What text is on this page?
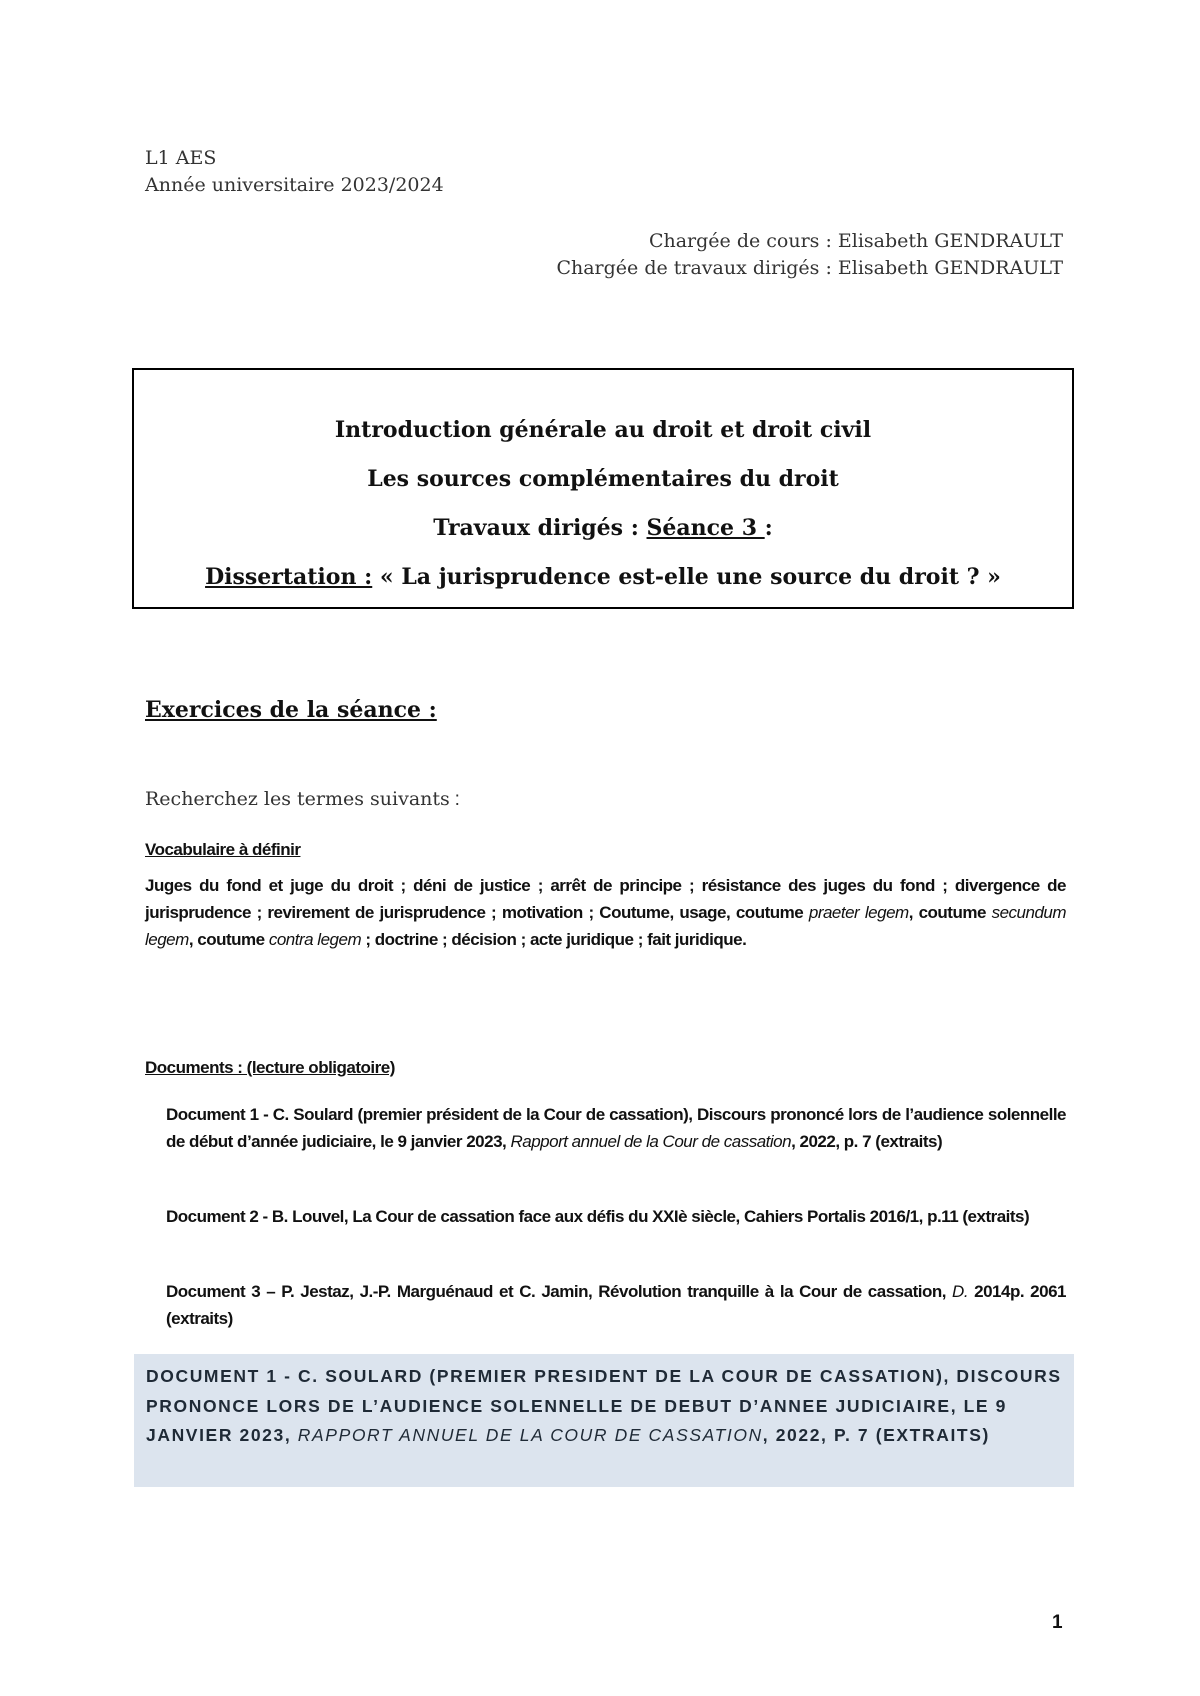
L1 AES
Année universitaire 2023/2024
Chargée de cours : Elisabeth GENDRAULT
Chargée de travaux dirigés : Elisabeth GENDRAULT
Introduction générale au droit et droit civil
Les sources complémentaires du droit
Travaux dirigés : Séance 3 :
Dissertation : « La jurisprudence est-elle une source du droit ? »
Exercices de la séance :
Recherchez les termes suivants :
Vocabulaire à définir
Juges du fond et juge du droit ; déni de justice ; arrêt de principe ; résistance des juges du fond ; divergence de jurisprudence ; revirement de jurisprudence ; motivation ; Coutume, usage, coutume praeter legem, coutume secundum legem, coutume contra legem ; doctrine ; décision ; acte juridique ; fait juridique.
Documents : (lecture obligatoire)
Document 1 - C. Soulard (premier président de la Cour de cassation), Discours prononcé lors de l’audience solennelle de début d’année judiciaire, le 9 janvier 2023, Rapport annuel de la Cour de cassation, 2022, p. 7 (extraits)
Document 2 - B. Louvel, La Cour de cassation face aux défis du XXIè siècle, Cahiers Portalis 2016/1, p.11 (extraits)
Document 3 – P. Jestaz, J.-P. Marguénaud et C. Jamin, Révolution tranquille à la Cour de cassation, D. 2014p. 2061 (extraits)
DOCUMENT 1 - C. SOULARD (PREMIER PRESIDENT DE LA COUR DE CASSATION), DISCOURS PRONONCE LORS DE L’AUDIENCE SOLENNELLE DE DEBUT D’ANNEE JUDICIAIRE, LE 9 JANVIER 2023, RAPPORT ANNUEL DE LA COUR DE CASSATION, 2022, P. 7 (EXTRAITS)
1
